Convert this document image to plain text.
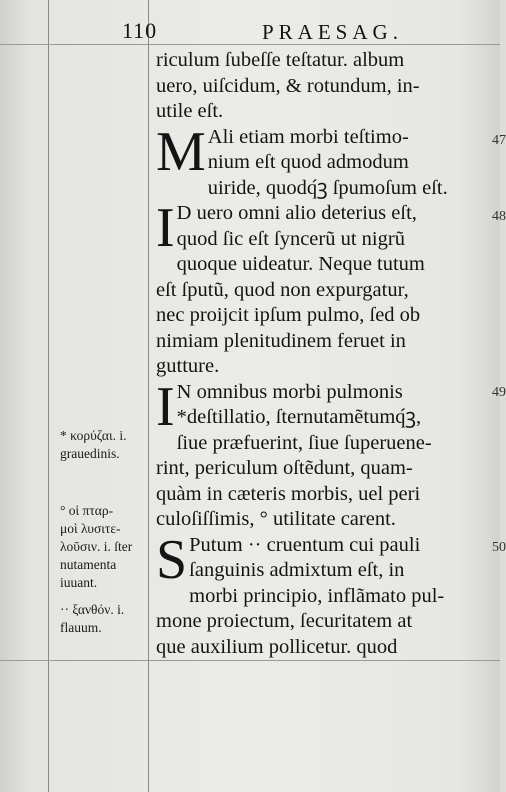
110	PRAESAG.
riculum ſubeſſe teſtatur. album
uero, uiſcidum, & rotundum, in-
utile eſt.
M Ali etiam morbi teſtimo-
nium eſt quod admodum
uiride, quodq́ꝫ ſpumoſum eſt.
I D uero omni alio deterius eſt,
quod ſic eſt ſyncerũ ut nigrũ
quoque uideatur. Neque tutum
eſt ſputũ, quod non expurgatur,
nec proijcit ipſum pulmo, ſed ob
nimiam plenitudinem feruet in
gutture.
I N omnibus morbi pulmonis
*deſtillatio, ſternutamẽtumq́ꝫ,
ſiue præfuerint, ſiue ſuperuene-
rint, periculum oſtẽdunt, quam-
quàm in cæteris morbis, uel peri
culoſiſſimis, ° utilitate carent.
S Putum ·· cruentum cui pauli
ſanguinis admixtum eſt, in
morbi principio, inflãmato pul-
mone proiectum, ſecuritatem at
que auxilium pollicetur. quod
47
48
49
50
* κορύζαι. i.
grauedinis.
° οἱ πταρ-
μοὶ λυσιτε-
λοῦσιν. i. ſter
nutamenta
iuuant.
·· ξανθόν. i.
flauum.
